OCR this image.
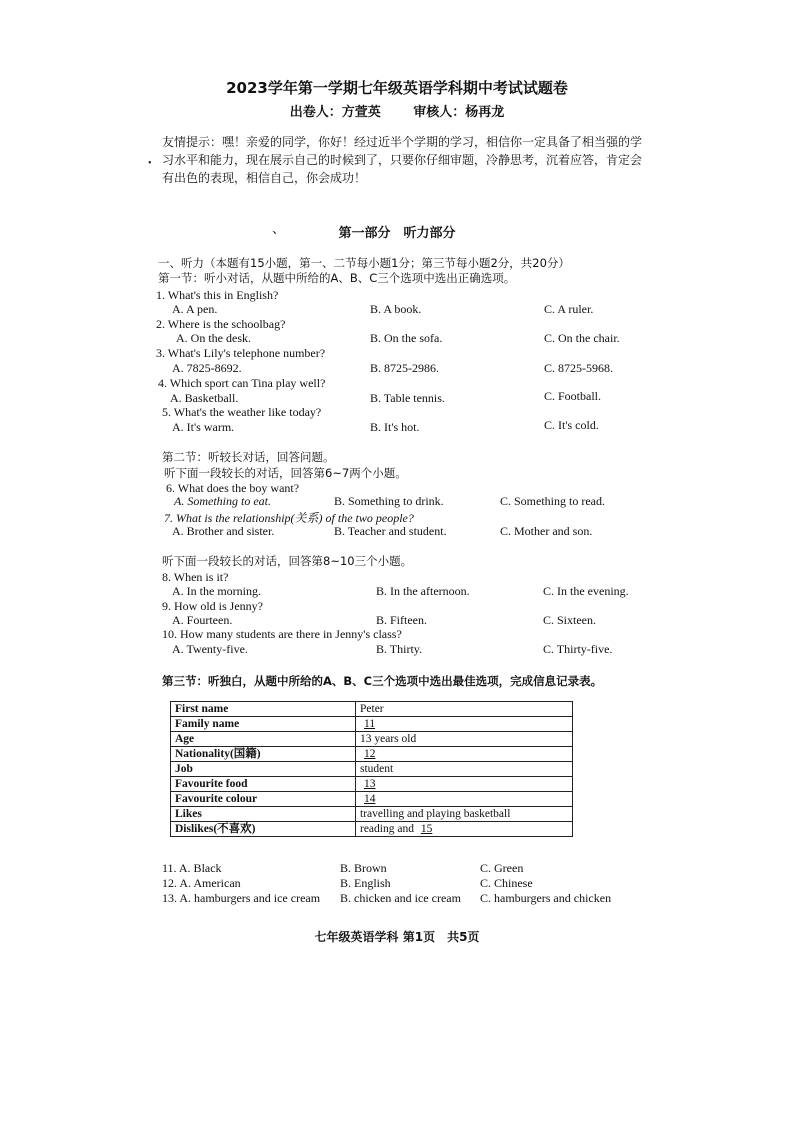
2023学年第一学期七年级英语学科期中考试试题卷
出卷人：方萱英	审核人：杨再龙
友情提示：嘿！亲爱的同学，你好！经过近半个学期的学习，相信你一定具备了相当强的学习水平和能力，现在展示自己的时候到了，只要你仔细审题，冷静思考，沉着应答，肯定会有出色的表现，相信自己，你会成功！
•
、	第一部分　听力部分
一、听力（本题有15小题，第一、二节每小题1分；第三节每小题2分，共20分）
第一节：听小对话，从题中所给的A、B、C三个选项中选出正确选项。
1. What's this in English?
A. A pen.	B. A book.	C. A ruler.
2. Where is the schoolbag?
A. On the desk.	B. On the sofa.	C. On the chair.
3. What's Lily's telephone number?
A. 7825-8692.	B. 8725-2986.	C. 8725-5968.
4. Which sport can Tina play well?
A. Basketball.	B. Table tennis.	C. Football.
5. What's the weather like today?
A. It's warm.	B. It's hot.	C. It's cold.
第二节：听较长对话，回答问题。
听下面一段较长的对话，回答第6~7两个小题。
6. What does the boy want?
A. Something to eat.	B. Something to drink.	C. Something to read.
7. What is the relationship(关系) of the two people?
A. Brother and sister.	B. Teacher and student.	C. Mother and son.
听下面一段较长的对话，回答第8~10三个小题。
8. When is it?
A. In the morning.	B. In the afternoon.	C. In the evening.
9. How old is Jenny?
A. Fourteen.	B. Fifteen.	C. Sixteen.
10. How many students are there in Jenny's class?
A. Twenty-five.	B. Thirty.	C. Thirty-five.
第三节：听独白，从题中所给的A、B、C三个选项中选出最佳选项，完成信息记录表。
First name	Peter
Family name	11
Age	13 years old
Nationality(国籍)	12
Job	student
Favourite food	13
Favourite colour	14
Likes	travelling and playing basketball
Dislikes(不喜欢)	reading and 15
11. A. Black	B. Brown	C. Green
12. A. American	B. English	C. Chinese
13. A. hamburgers and ice cream B. chicken and ice cream C. hamburgers and chicken
七年级英语学科 第1页　共5页
